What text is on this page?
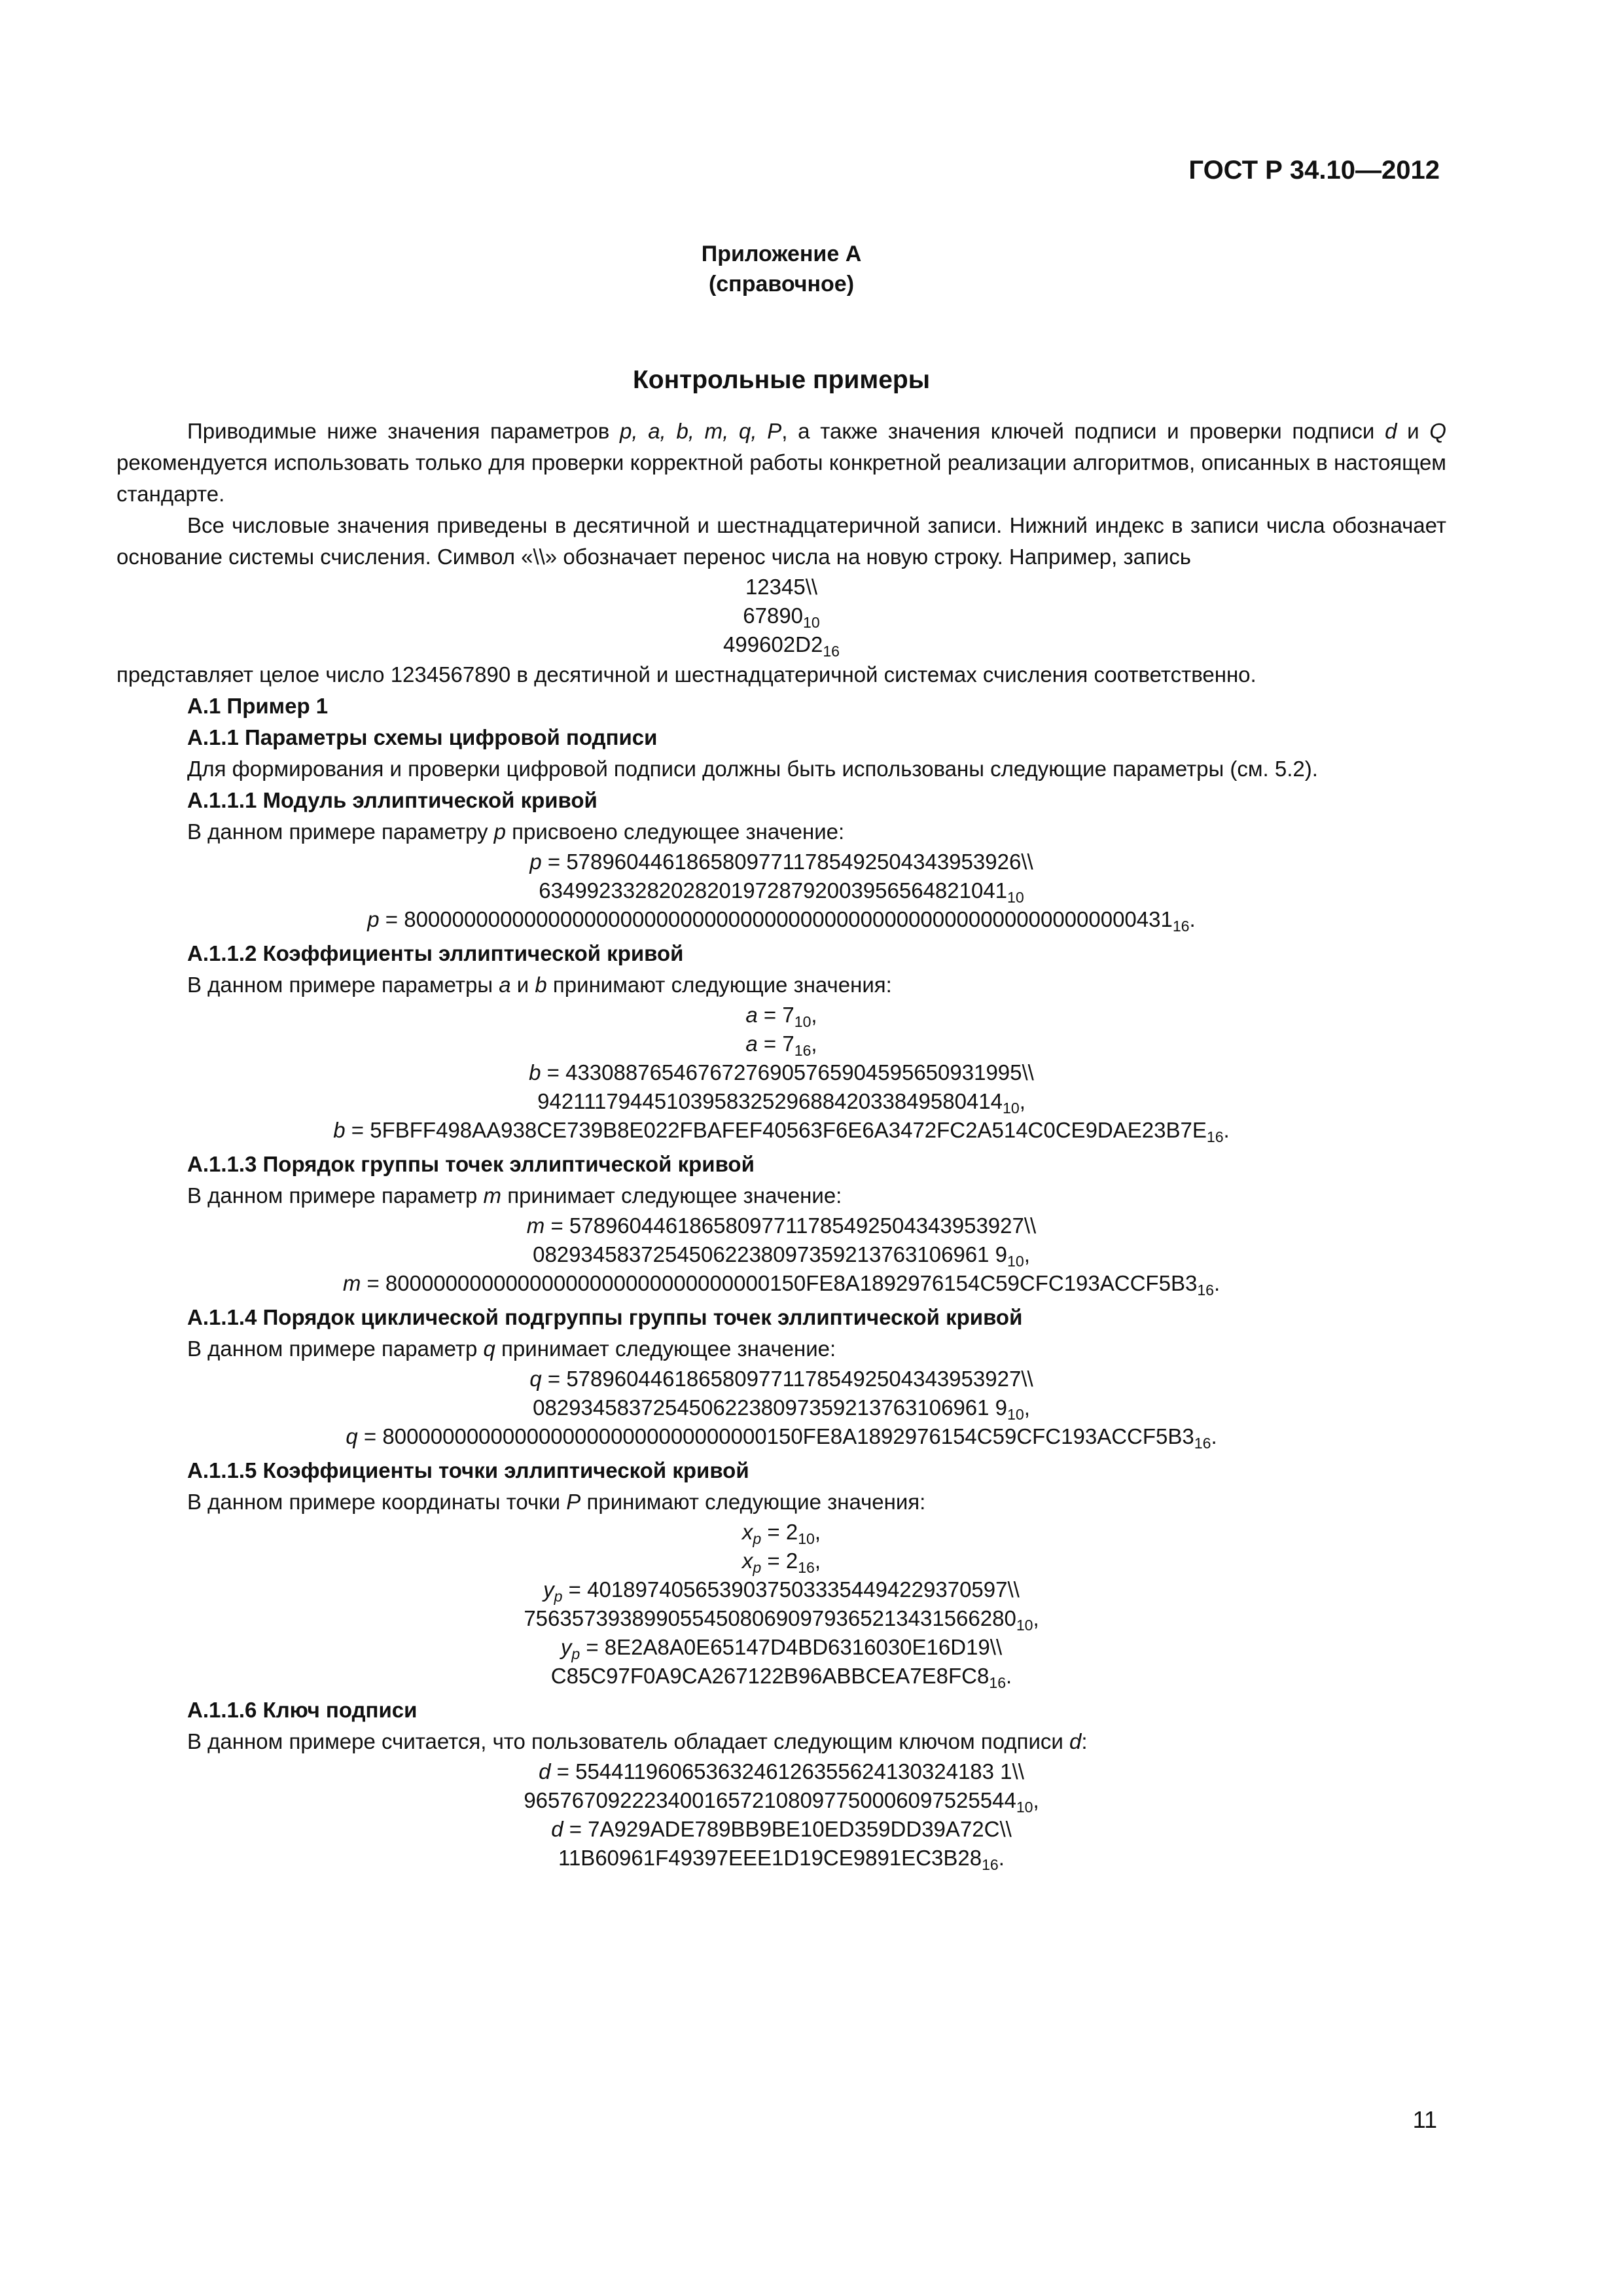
ГОСТ Р 34.10—2012
Приложение А
(справочное)
Контрольные примеры
Приводимые ниже значения параметров p, a, b, m, q, P, а также значения ключей подписи и проверки подписи d и Q рекомендуется использовать только для проверки корректной работы конкретной реализации алгоритмов, описанных в настоящем стандарте.
Все числовые значения приведены в десятичной и шестнадцатеричной записи. Нижний индекс в записи числа обозначает основание системы счисления. Символ «\\» обозначает перенос числа на новую строку. Например, запись
12345\\
$67890_{10}$
$499602D2_{16}$
представляет целое число 1234567890 в десятичной и шестнадцатеричной системах счисления соответственно.
А.1 Пример 1
А.1.1 Параметры схемы цифровой подписи
Для формирования и проверки цифровой подписи должны быть использованы следующие параметры (см. 5.2).
А.1.1.1 Модуль эллиптической кривой
В данном примере параметру p присвоено следующее значение:
p = 57896044618658097711785492504343953926\\
$634992332820282019728792003956564821041_{10}$
$p = 8000000000000000000000000000000000000000000000000000000000000431_{16}$.
А.1.1.2 Коэффициенты эллиптической кривой
В данном примере параметры a и b принимают следующие значения:
$a = 7_{10}$,
$a = 7_{16}$,
b = 43308876546767276905765904595650931995\\
$942111794451039583252968842033849580414_{10}$,
$b = 5FBFF498AA938CE739B8E022FBAFEF40563F6E6A3472FC2A514C0CE9DAE23B7E_{16}$.
А.1.1.3 Порядок группы точек эллиптической кривой
В данном примере параметр m принимает следующее значение:
m = 57896044618658097711785492504343953927\\
08293458372545062238097359213763106961 $9_{10}$,
$m = 80000000000000000000000000000000150FE8A1892976154C59CFC193ACCF5B3_{16}$.
А.1.1.4 Порядок циклической подгруппы группы точек эллиптической кривой
В данном примере параметр q принимает следующее значение:
q = 57896044618658097711785492504343953927\\
08293458372545062238097359213763106961 $9_{10}$,
$q = 80000000000000000000000000000000150FE8A1892976154C59CFC193ACCF5B3_{16}$.
А.1.1.5 Коэффициенты точки эллиптической кривой
В данном примере координаты точки P принимают следующие значения:
$x_p = 2_{10}$,
$x_p = 2_{16}$,
$y_p$ = 40189740565390375033354494229370597\\
$75635739389905545080690979365213431566280_{10}$,
$y_p$ = 8E2A8A0E65147D4BD6316030E16D19\\
$C85C97F0A9CA267122B96ABBCEA7E8FC8_{16}$.
А.1.1.6 Ключ подписи
В данном примере считается, что пользователь обладает следующим ключом подписи d:
d = 55441196065363246126355624130324183 1\\
$96576709222340016572108097750006097525544_{10}$,
d = 7A929ADE789BB9BE10ED359DD39A72C\\
$11B60961F49397EEE1D19CE9891EC3B28_{16}$.
11
